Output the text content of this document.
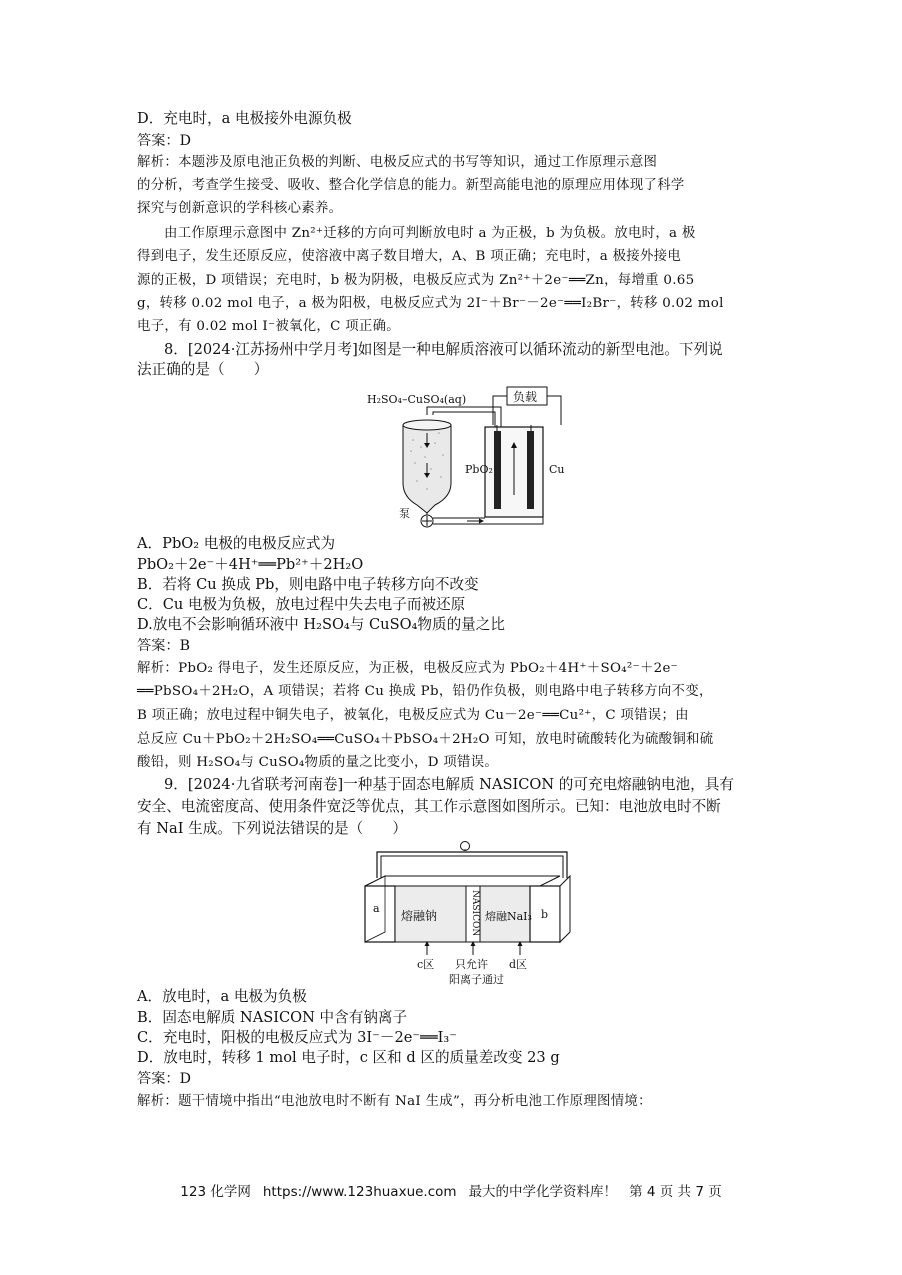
D．充电时，a 电极接外电源负极
答案：D
解析：本题涉及原电池正负极的判断、电极反应式的书写等知识，通过工作原理示意图
的分析，考查学生接受、吸收、整合化学信息的能力。新型高能电池的原理应用体现了科学
探究与创新意识的学科核心素养。
由工作原理示意图中 Zn²⁺迁移的方向可判断放电时 a 为正极，b 为负极。放电时，a 极
得到电子，发生还原反应，使溶液中离子数目增大，A、B 项正确；充电时，a 极接外接电
源的正极，D 项错误；充电时，b 极为阴极，电极反应式为 Zn²⁺＋2e⁻══Zn，每增重 0.65
g，转移 0.02 mol 电子，a 极为阳极，电极反应式为 2I⁻＋Br⁻－2e⁻══I₂Br⁻，转移 0.02 mol
电子，有 0.02 mol I⁻被氧化，C 项正确。
8．[2024·江苏扬州中学月考]如图是一种电解质溶液可以循环流动的新型电池。下列说
法正确的是（　　）
H₂SO₄–CuSO₄(aq)	负载
PbO₂	Cu
泵
A．PbO₂ 电极的电极反应式为
PbO₂＋2e⁻＋4H⁺══Pb²⁺＋2H₂O
B．若将 Cu 换成 Pb，则电路中电子转移方向不改变
C．Cu 电极为负极，放电过程中失去电子而被还原
D.放电不会影响循环液中 H₂SO₄与 CuSO₄物质的量之比
答案：B
解析：PbO₂ 得电子，发生还原反应，为正极，电极反应式为 PbO₂＋4H⁺＋SO₄²⁻＋2e⁻
══PbSO₄＋2H₂O，A 项错误；若将 Cu 换成 Pb，铅仍作负极，则电路中电子转移方向不变，
B 项正确；放电过程中铜失电子，被氧化，电极反应式为 Cu－2e⁻══Cu²⁺，C 项错误；由
总反应 Cu＋PbO₂＋2H₂SO₄══CuSO₄＋PbSO₄＋2H₂O 可知，放电时硫酸转化为硫酸铜和硫
酸铅，则 H₂SO₄与 CuSO₄物质的量之比变小，D 项错误。
9．[2024·九省联考河南卷]一种基于固态电解质 NASICON 的可充电熔融钠电池，具有
安全、电流密度高、使用条件宽泛等优点，其工作示意图如图所示。已知：电池放电时不断
有 NaI 生成。下列说法错误的是（　　）
NASICON
a	b
熔融钠	熔融NaI₃
c区 只允许 d区
阳离子通过
A．放电时，a 电极为负极
B．固态电解质 NASICON 中含有钠离子
C．充电时，阳极的电极反应式为 3I⁻－2e⁻══I₃⁻
D．放电时，转移 1 mol 电子时，c 区和 d 区的质量差改变 23 g
答案：D
解析：题干情境中指出“电池放电时不断有 NaI 生成”，再分析电池工作原理图情境：
123 化学网 https://www.123huaxue.com 最大的中学化学资料库！ 第 4 页 共 7 页
